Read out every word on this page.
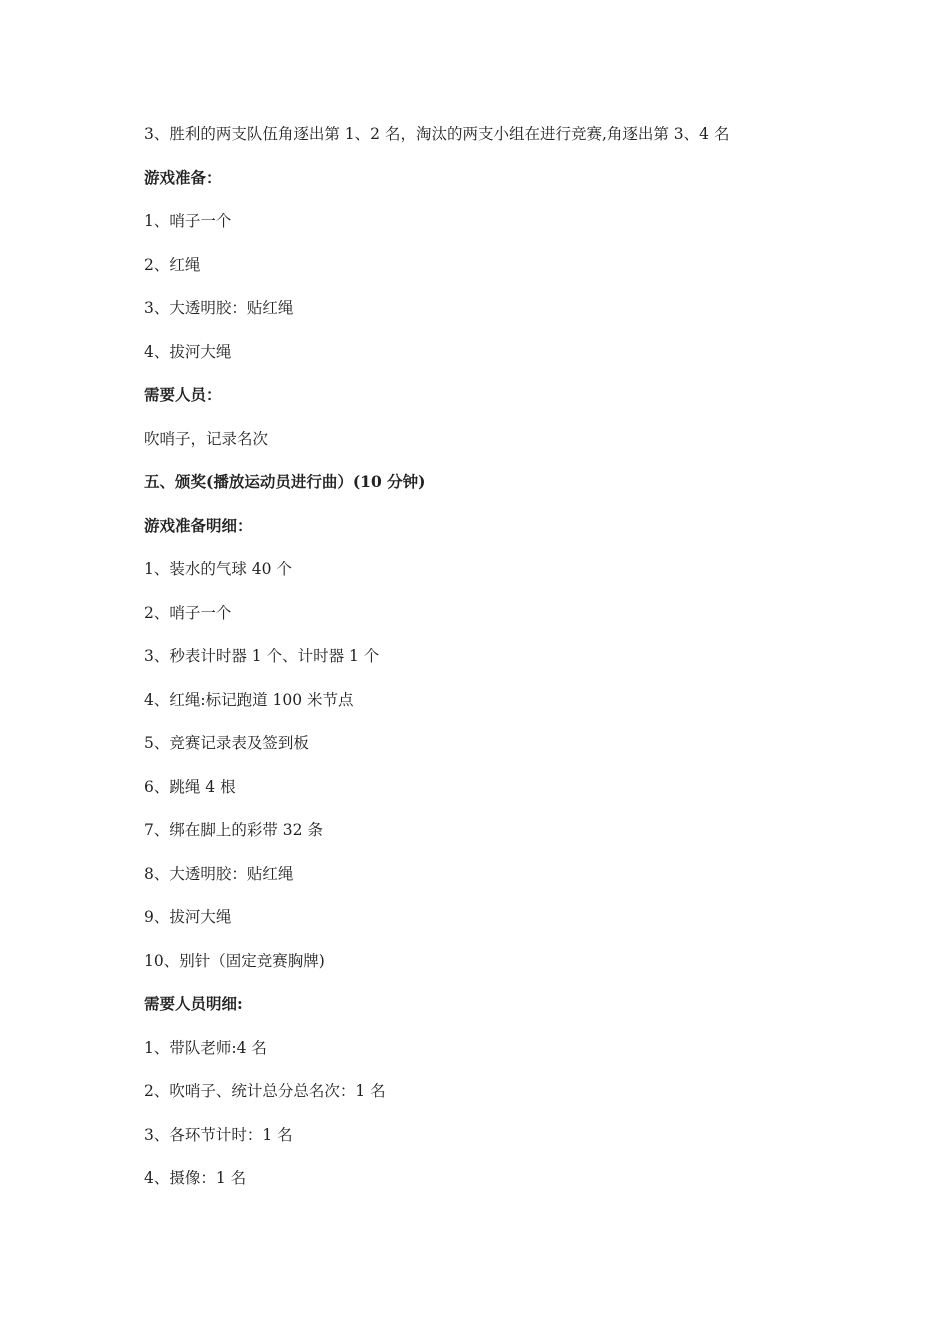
3、胜利的两支队伍角逐出第 1、2 名，淘汰的两支小组在进行竞赛,角逐出第 3、4 名

游戏准备：

1、哨子一个

2、红绳

3、大透明胶：贴红绳

4、拔河大绳

需要人员：

吹哨子，记录名次

五、颁奖(播放运动员进行曲）(10 分钟)

游戏准备明细：

1、装水的气球 40 个

2、哨子一个

3、秒表计时器 1 个、计时器 1 个

4、红绳:标记跑道 100 米节点

5、竞赛记录表及签到板

6、跳绳 4 根

7、绑在脚上的彩带 32 条

8、大透明胶：贴红绳

9、拔河大绳

10、别针（固定竞赛胸牌)

需要人员明细:

1、带队老师:4 名

2、吹哨子、统计总分总名次：1 名

3、各环节计时：1 名

4、摄像：1 名
